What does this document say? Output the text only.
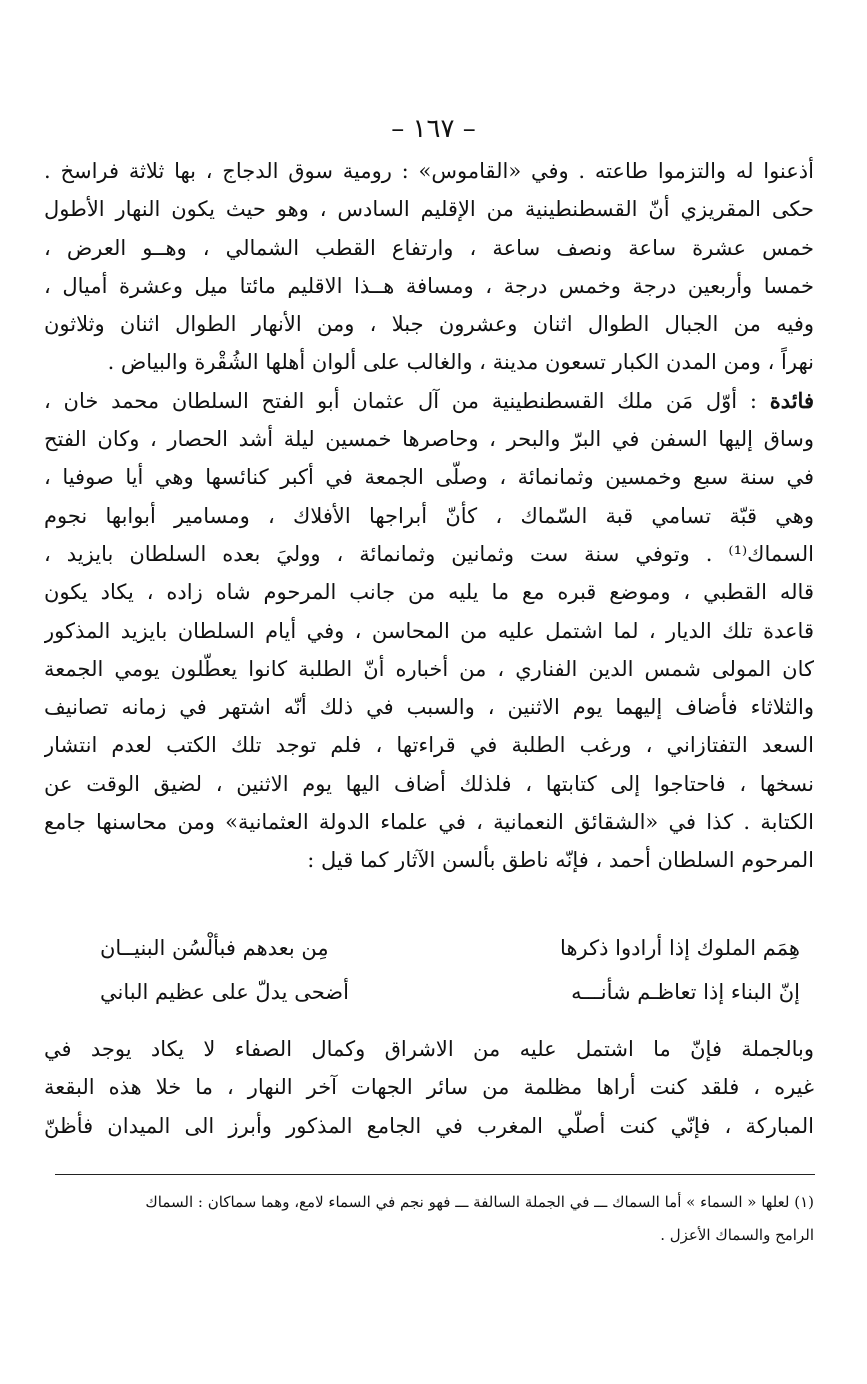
– ١٦٧ –
أذعنوا له والتزموا طاعته . وفي «القاموس» : رومية سوق الدجاج ، بها ثلاثة فراسخ .
حكى المقريزي أنّ القسطنطينية من الإقليم السادس ، وهو حيث يكون النهار الأطول
خمس عشرة ساعة ونصف ساعة ، وارتفاع القطب الشمالي ، وهــو العرض ،
خمسا وأربعين درجة وخمس درجة ، ومسافة هــذا الاقليم مائتا ميل وعشرة أميال ،
وفيه من الجبال الطوال اثنان وعشرون جبلا ، ومن الأنهار الطوال اثنان وثلاثون
نهراً ، ومن المدن الكبار تسعون مدينة ، والغالب على ألوان أهلها الشُقْرة والبياض .
فائدة : أوّل مَن ملك القسطنطينية من آل عثمان أبو الفتح السلطان محمد خان ،
وساق إليها السفن في البرّ والبحر ، وحاصرها خمسين ليلة أشد الحصار ، وكان الفتح
في سنة سبع وخمسين وثمانمائة ، وصلّى الجمعة في أكبر كنائسها وهي أيا صوفيا ،
وهي قبّة تسامي قبة السّماك ، كأنّ أبراجها الأفلاك ، ومسامير أبوابها نجوم
السماك⁽¹⁾ . وتوفي سنة ست وثمانين وثمانمائة ، ووليَ بعده السلطان بايزيد ،
قاله القطبي ، وموضع قبره مع ما يليه من جانب المرحوم شاه زاده ، يكاد يكون
قاعدة تلك الديار ، لما اشتمل عليه من المحاسن ، وفي أيام السلطان بايزيد المذكور
كان المولى شمس الدين الفناري ، من أخباره أنّ الطلبة كانوا يعطّلون يومي الجمعة
والثلاثاء فأضاف إليهما يوم الاثنين ، والسبب في ذلك أنّه اشتهر في زمانه تصانيف
السعد التفتازاني ، ورغب الطلبة في قراءتها ، فلم توجد تلك الكتب لعدم انتشار
نسخها ، فاحتاجوا إلى كتابتها ، فلذلك أضاف اليها يوم الاثنين ، لضيق الوقت عن
الكتابة . كذا في «الشقائق النعمانية ، في علماء الدولة العثمانية» ومن محاسنها جامع
المرحوم السلطان أحمد ، فإنّه ناطق بألسن الآثار كما قيل :
هِمَم الملوك إذا أرادوا ذكرها
مِن بعدهم فبألْسُن البنيــان
إنّ البناء إذا تعاظـم شأنـــه
أضحى يدلّ على عظيم الباني
وبالجملة فإنّ ما اشتمل عليه من الاشراق وكمال الصفاء لا يكاد يوجد في
غيره ، فلقد كنت أراها مظلمة من سائر الجهات آخر النهار ، ما خلا هذه البقعة
المباركة ، فإنّي كنت أصلّي المغرب في الجامع المذكور وأبرز الى الميدان فأظنّ
(١) لعلها « السماء » أما السماك ـــ في الجملة السالفة ـــ فهو نجم في السماء لامع، وهما سماكان : السماك
الرامح والسماك الأعزل .
